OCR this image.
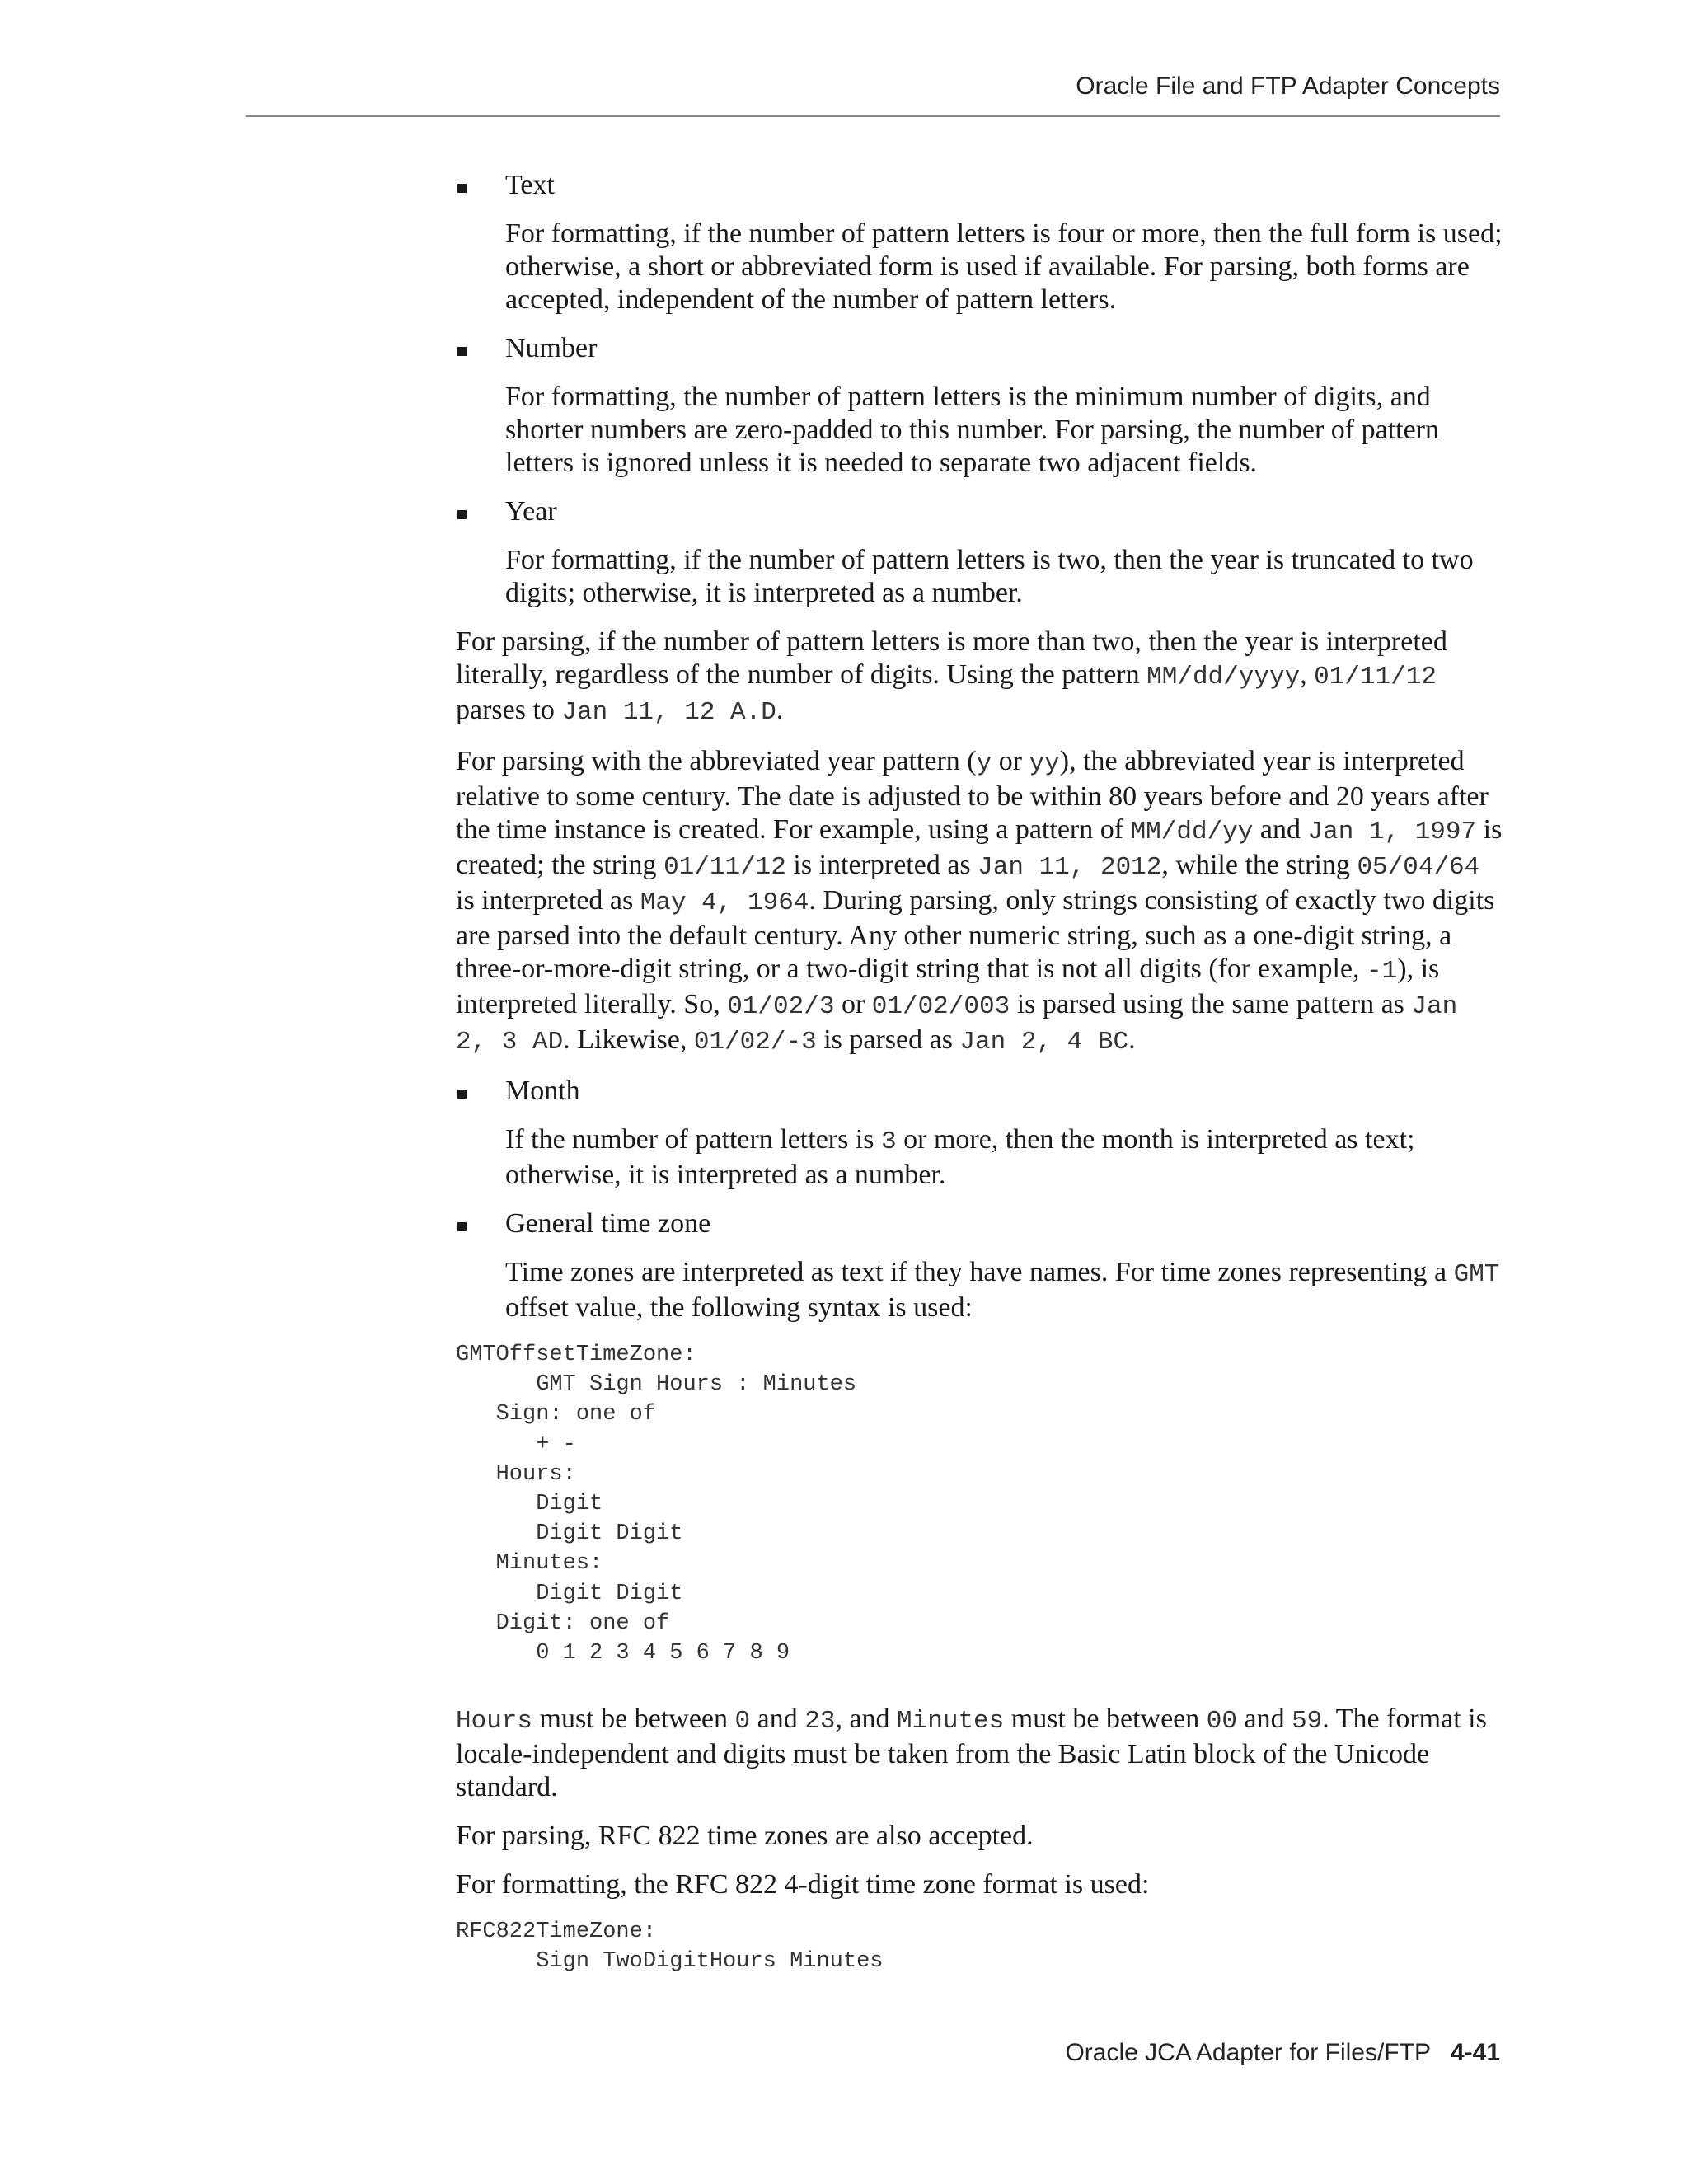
Oracle File and FTP Adapter Concepts
Text
For formatting, if the number of pattern letters is four or more, then the full form is used; otherwise, a short or abbreviated form is used if available. For parsing, both forms are accepted, independent of the number of pattern letters.
Number
For formatting, the number of pattern letters is the minimum number of digits, and shorter numbers are zero-padded to this number. For parsing, the number of pattern letters is ignored unless it is needed to separate two adjacent fields.
Year
For formatting, if the number of pattern letters is two, then the year is truncated to two digits; otherwise, it is interpreted as a number.
For parsing, if the number of pattern letters is more than two, then the year is interpreted literally, regardless of the number of digits. Using the pattern MM/dd/yyyy, 01/11/12 parses to Jan 11, 12 A.D.
For parsing with the abbreviated year pattern (y or yy), the abbreviated year is interpreted relative to some century. The date is adjusted to be within 80 years before and 20 years after the time instance is created. For example, using a pattern of MM/dd/yy and Jan 1, 1997 is created; the string 01/11/12 is interpreted as Jan 11, 2012, while the string 05/04/64 is interpreted as May 4, 1964. During parsing, only strings consisting of exactly two digits are parsed into the default century. Any other numeric string, such as a one-digit string, a three-or-more-digit string, or a two-digit string that is not all digits (for example, -1), is interpreted literally. So, 01/02/3 or 01/02/003 is parsed using the same pattern as Jan 2, 3 AD. Likewise, 01/02/-3 is parsed as Jan 2, 4 BC.
Month
If the number of pattern letters is 3 or more, then the month is interpreted as text; otherwise, it is interpreted as a number.
General time zone
Time zones are interpreted as text if they have names. For time zones representing a GMT offset value, the following syntax is used:
GMTOffsetTimeZone:
GMT Sign Hours : Minutes
Sign: one of
+ -
Hours:
Digit
Digit Digit
Minutes:
Digit Digit
Digit: one of
0 1 2 3 4 5 6 7 8 9
Hours must be between 0 and 23, and Minutes must be between 00 and 59. The format is locale-independent and digits must be taken from the Basic Latin block of the Unicode standard.
For parsing, RFC 822 time zones are also accepted.
For formatting, the RFC 822 4-digit time zone format is used:
RFC822TimeZone:
Sign TwoDigitHours Minutes
Oracle JCA Adapter for Files/FTP 4-41
